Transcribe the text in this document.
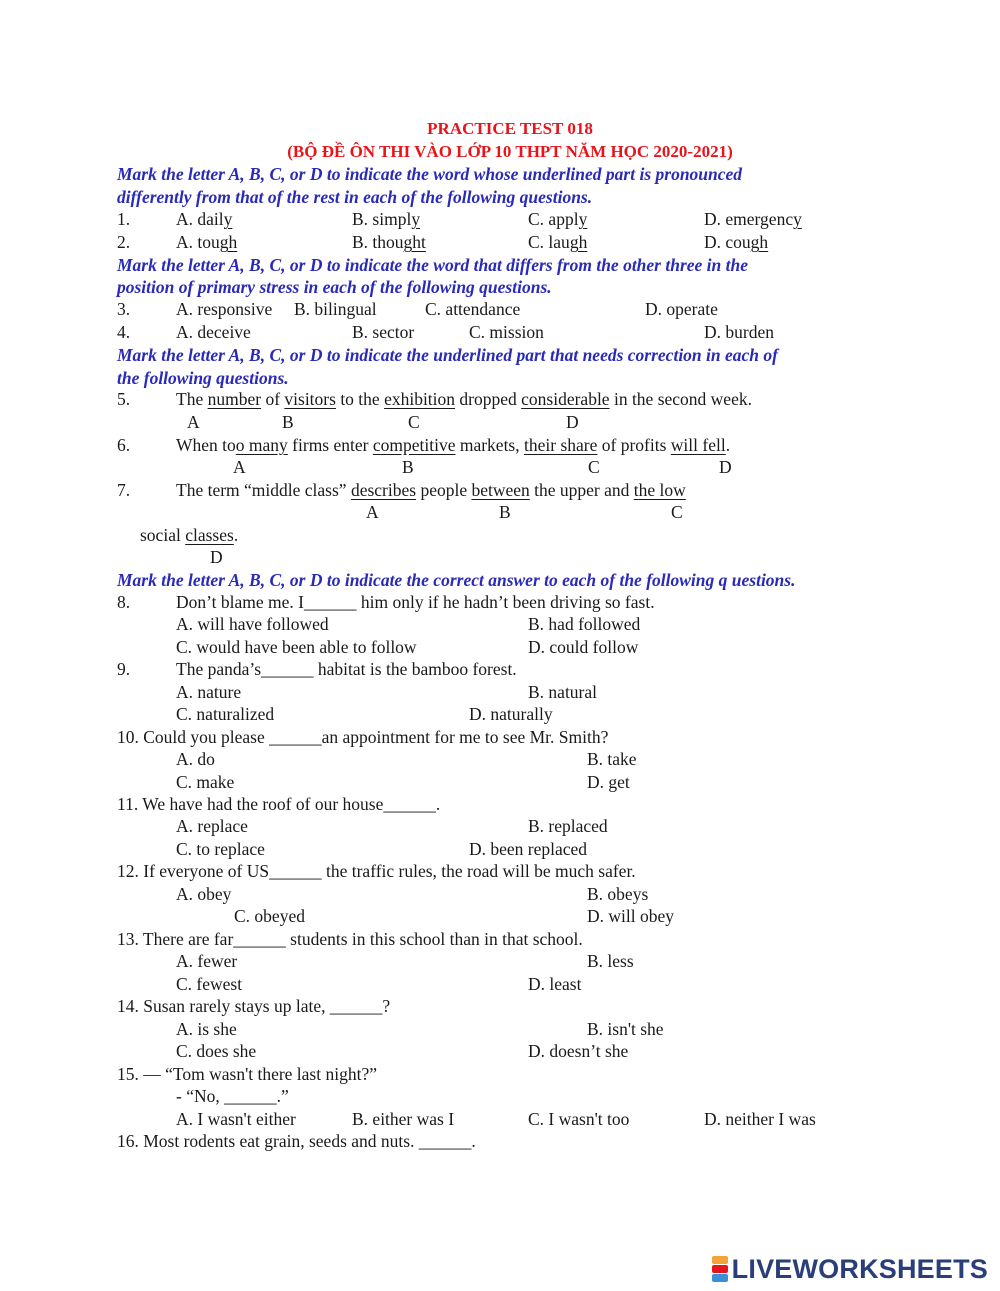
PRACTICE TEST 018
(BỘ ĐỀ ÔN THI VÀO LỚP 10 THPT NĂM HỌC 2020-2021)
Mark the letter A, B, C, or D to indicate the word whose underlined part is pronounced
differently from that of the rest in each of the following questions.
1.	A. daily	B. simply	C. apply	D. emergency
2.	A. tough	B. thought	C. laugh	D. cough
Mark the letter A, B, C, or D to indicate the word that differs from the other three in the
position of primary stress in each of the following questions.
3.	A. responsive B. bilingual	C. attendance	D. operate
4.	A. deceive	B. sector	C. mission	D. burden
Mark the letter A, B, C, or D to indicate the underlined part that needs correction in each of
the following questions.
5.	The number of visitors to the exhibition dropped considerable in the second week.
A	B	C	D
6.	When too many firms enter competitive markets, their share of profits will fell.
A	B	C	D
7.	The term “middle class” describes people between the upper and the low
A	B	C
social classes.
D
Mark the letter A, B, C, or D to indicate the correct answer to each of the following q uestions.
8.	Don’t blame me. I______ him only if he hadn’t been driving so fast.
A. will have followed	B. had followed
C. would have been able to follow	D. could follow
9.	The panda’s______ habitat is the bamboo forest.
A. nature	B. natural
C. naturalized	D. naturally
10. Could you please ______an appointment for me to see Mr. Smith?
A. do	B. take
C. make	D. get
11. We have had the roof of our house______.
A. replace	B. replaced
C. to replace	D. been replaced
12. If everyone of US______ the traffic rules, the road will be much safer.
A. obey	B. obeys
C. obeyed	D. will obey
13. There are far______ students in this school than in that school.
A. fewer	B. less
C. fewest	D. least
14. Susan rarely stays up late, ______?
A. is she	B. isn't she
C. does she	D. doesn’t she
15. — “Tom wasn't there last night?”
- “No, ______.”
A. I wasn't either	B. either was I	C. I wasn't too	D. neither I was
16. Most rodents eat grain, seeds and nuts. ______.
LIVEWORKSHEETS
